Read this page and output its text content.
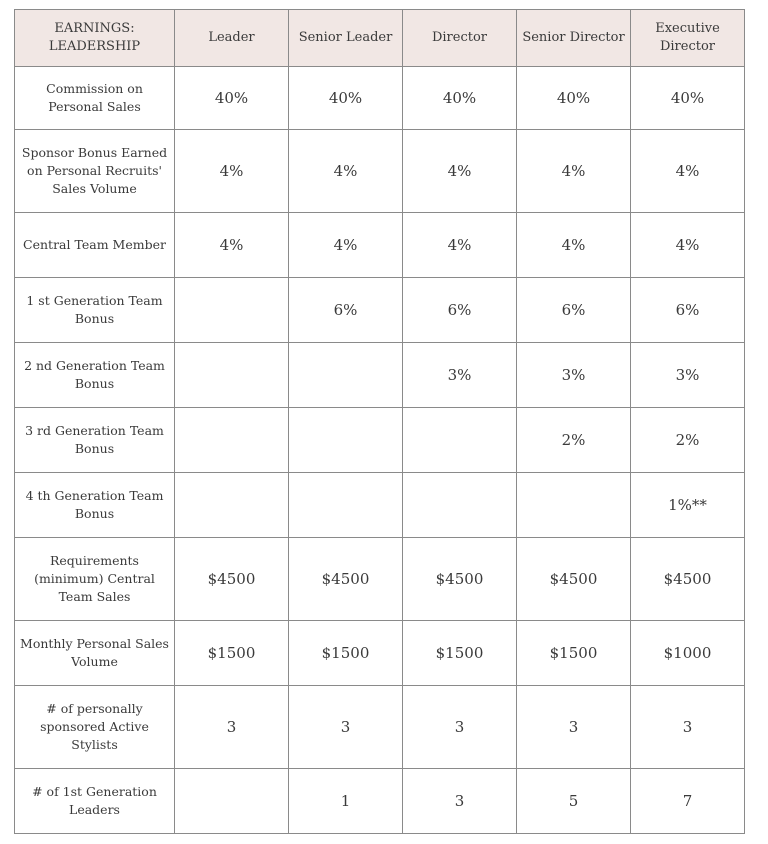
EARNINGS: LEADERSHIP	Leader	Senior Leader	Director	Senior Director	Executive Director
Commission on Personal Sales	40%	40%	40%	40%	40%
Sponsor Bonus Earned on Personal Recruits' Sales Volume	4%	4%	4%	4%	4%
Central Team Member	4%	4%	4%	4%	4%
1 st Generation Team Bonus		6%	6%	6%	6%
2 nd Generation Team Bonus			3%	3%	3%
3 rd Generation Team Bonus				2%	2%
4 th Generation Team Bonus					1%**
Requirements (minimum) Central Team Sales	$4500	$4500	$4500	$4500	$4500
Monthly Personal Sales Volume	$1500	$1500	$1500	$1500	$1000
# of personally sponsored Active Stylists	3	3	3	3	3
# of 1st Generation Leaders		1	3	5	7
